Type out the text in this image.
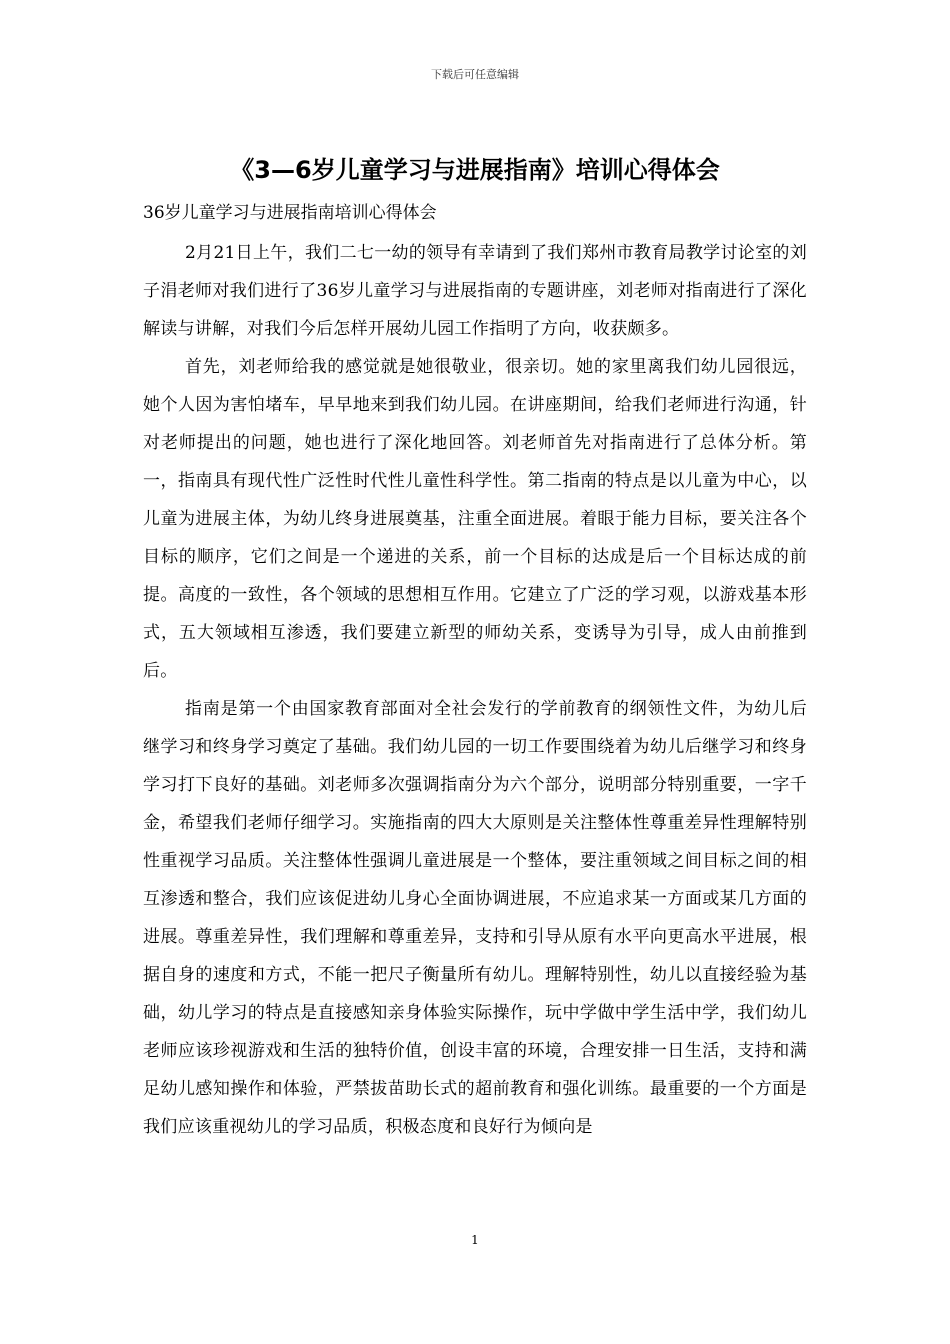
下载后可任意编辑
《3—6岁儿童学习与进展指南》培训心得体会

36岁儿童学习与进展指南培训心得体会

2月21日上午，我们二七一幼的领导有幸请到了我们郑州市教育局教学讨论室的刘子涓老师对我们进行了36岁儿童学习与进展指南的专题讲座，刘老师对指南进行了深化解读与讲解，对我们今后怎样开展幼儿园工作指明了方向，收获颇多。

首先，刘老师给我的感觉就是她很敬业，很亲切。她的家里离我们幼儿园很远，她个人因为害怕堵车，早早地来到我们幼儿园。在讲座期间，给我们老师进行沟通，针对老师提出的问题，她也进行了深化地回答。刘老师首先对指南进行了总体分析。第一，指南具有现代性广泛性时代性儿童性科学性。第二指南的特点是以儿童为中心，以儿童为进展主体，为幼儿终身进展奠基，注重全面进展。着眼于能力目标，要关注各个目标的顺序，它们之间是一个递进的关系，前一个目标的达成是后一个目标达成的前提。高度的一致性，各个领域的思想相互作用。它建立了广泛的学习观，以游戏基本形式，五大领域相互渗透，我们要建立新型的师幼关系，变诱导为引导，成人由前推到后。

指南是第一个由国家教育部面对全社会发行的学前教育的纲领性文件，为幼儿后继学习和终身学习奠定了基础。我们幼儿园的一切工作要围绕着为幼儿后继学习和终身学习打下良好的基础。刘老师多次强调指南分为六个部分，说明部分特别重要，一字千金，希望我们老师仔细学习。实施指南的四大大原则是关注整体性尊重差异性理解特别性重视学习品质。关注整体性强调儿童进展是一个整体，要注重领域之间目标之间的相互渗透和整合，我们应该促进幼儿身心全面协调进展，不应追求某一方面或某几方面的进展。尊重差异性，我们理解和尊重差异，支持和引导从原有水平向更高水平进展，根据自身的速度和方式，不能一把尺子衡量所有幼儿。理解特别性，幼儿以直接经验为基础，幼儿学习的特点是直接感知亲身体验实际操作，玩中学做中学生活中学，我们幼儿老师应该珍视游戏和生活的独特价值，创设丰富的环境，合理安排一日生活，支持和满足幼儿感知操作和体验，严禁拔苗助长式的超前教育和强化训练。最重要的一个方面是我们应该重视幼儿的学习品质，积极态度和良好行为倾向是

1
